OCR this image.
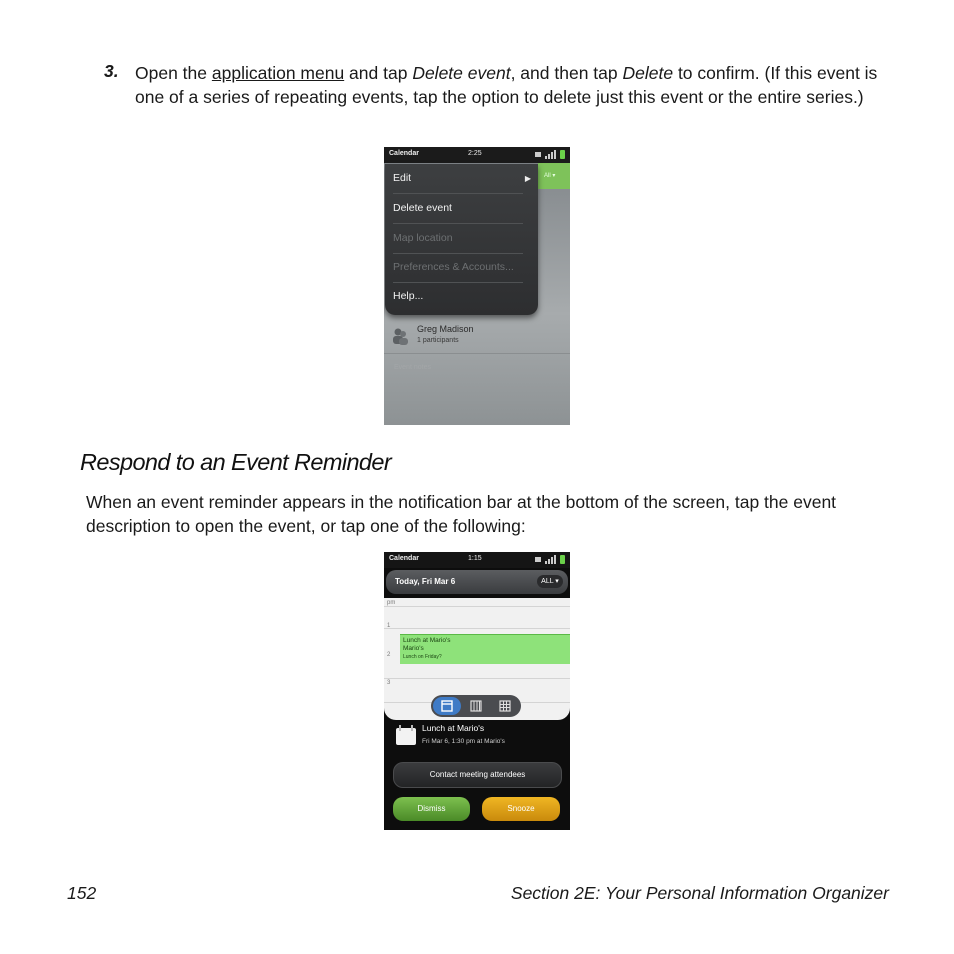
3. Open the application menu and tap Delete event, and then tap Delete to confirm. (If this event is one of a series of repeating events, tap the option to delete just this event or the entire series.)
Calendar	2:25
All ▾
Edit	▶
Delete event
Map location
Preferences & Accounts...
Help...
Greg Madison
1 participants
Event notes
Respond to an Event Reminder
When an event reminder appears in the notification bar at the bottom of the screen, tap the event description to open the event, or tap one of the following:
Calendar	1:15
Today, Fri Mar 6	ALL ▾
pm
1
2
3
Lunch at Mario's
Mario's
Lunch on Friday?
Lunch at Mario's
Fri Mar 6, 1:30 pm at Mario's
Contact meeting attendees
Dismiss	Snooze
152	Section 2E: Your Personal Information Organizer
